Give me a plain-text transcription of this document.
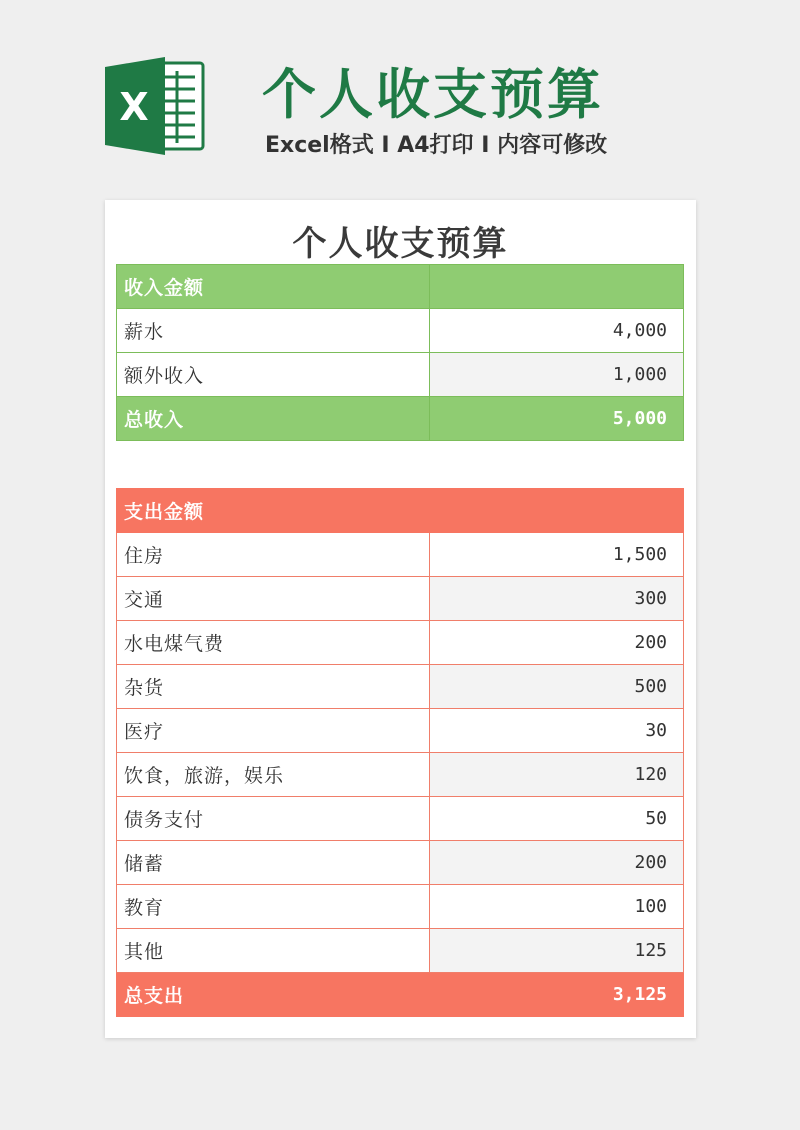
X 个人收支预算
Excel格式 I A4打印 I 内容可修改
个人收支预算
收入金额	
薪水	4,000
额外收入	1,000
总收入	5,000
支出金额	
住房	1,500
交通	300
水电煤气费	200
杂货	500
医疗	30
饮食，旅游，娱乐	120
债务支付	50
储蓄	200
教育	100
其他	125
总支出	3,125
